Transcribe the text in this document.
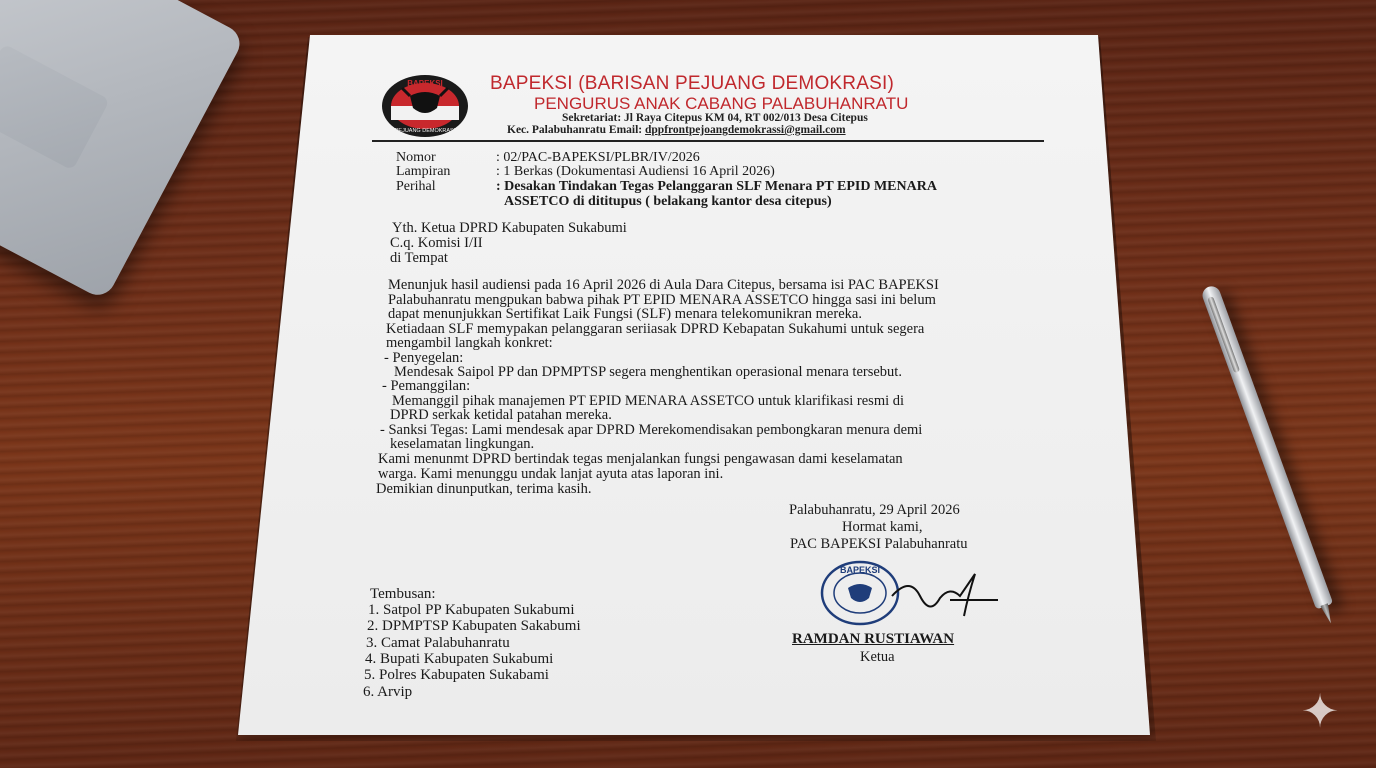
BAPEKSI
PEJUANG DEMOKRASI
BAPEKSI (BARISAN PEJUANG DEMOKRASI)
PENGURUS ANAK CABANG PALABUHANRATU
Sekretariat: Jl Raya Citepus KM 04, RT 002/013 Desa Citepus
Kec. Palabuhanratu Email: dppfrontpejoangdemokrassi@gmail.com
Nomor	: 02/PAC-BAPEKSI/PLBR/IV/2026
Lampiran	: 1 Berkas (Dokumentasi Audiensi 16 April 2026)
Perihal	: Desakan Tindakan Tegas Pelanggaran SLF Menara PT EPID MENARA
ASSETCO di dititupus ( belakang kantor desa citepus)
Yth. Ketua DPRD Kabupaten Sukabumi
C.q. Komisi I/II
di Tempat
Menunjuk hasil audiensi pada 16 April 2026 di Aula Dara Citepus, bersama isi PAC BAPEKSI
Palabuhanratu mengpukan babwa pihak PT EPID MENARA ASSETCO hingga sasi ini belum
dapat menunjukkan Sertifikat Laik Fungsi (SLF) menara telekomunikran mereka.
Ketiadaan SLF memypakan pelanggaran seriiasak DPRD Kebapatan Sukahumi untuk segera
mengambil langkah konkret:
- Penyegelan:
Mendesak Saipol PP dan DPMPTSP segera menghentikan operasional menara tersebut.
- Pemanggilan:
Memanggil pihak manajemen PT EPID MENARA ASSETCO untuk klarifikasi resmi di
DPRD serkak ketidal patahan mereka.
- Sanksi Tegas: Lami mendesak apar DPRD Merekomendisakan pembongkaran menura demi
keselamatan lingkungan.
Kami menunmt DPRD bertindak tegas menjalankan fungsi pengawasan dami keselamatan
warga. Kami menunggu undak lanjat ayuta atas laporan ini.
Demikian dinunputkan, terima kasih.
Palabuhanratu, 29 April 2026
Hormat kami,
PAC BAPEKSI Palabuhanratu
BAPEKSI
RAMDAN RUSTIAWAN
Ketua
Tembusan:
1. Satpol PP Kabupaten Sukabumi
2. DPMPTSP Kabupaten Sakabumi
3. Camat Palabuhanratu
4. Bupati Kabupaten Sukabumi
5. Polres Kabupaten Sukabami
6. Arvip	✦
